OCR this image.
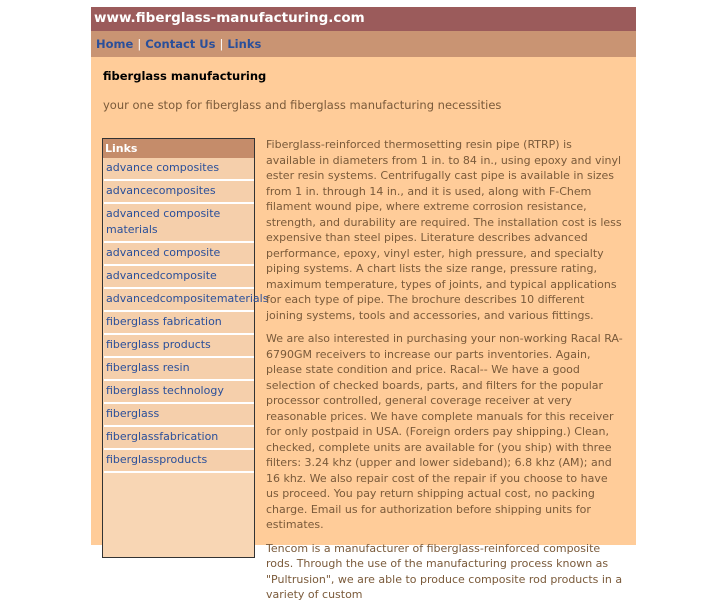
www.fiberglass-manufacturing.com
Home | Contact Us | Links
fiberglass manufacturing
your one stop for fiberglass and fiberglass manufacturing necessities
Links
advance composites
advancecomposites
advanced composite materials
advanced composite
advancedcomposite
advancedcompositematerials
fiberglass fabrication
fiberglass products
fiberglass resin
fiberglass technology
fiberglass
fiberglassfabrication
fiberglassproducts

Fiberglass-reinforced thermosetting resin pipe (RTRP) is available in diameters from 1 in. to 84 in., using epoxy and vinyl ester resin systems. Centrifugally cast pipe is available in sizes from 1 in. through 14 in., and it is used, along with F-Chem filament wound pipe, where extreme corrosion resistance, strength, and durability are required. The installation cost is less expensive than steel pipes. Literature describes advanced performance, epoxy, vinyl ester, high pressure, and specialty piping systems. A chart lists the size range, pressure rating, maximum temperature, types of joints, and typical applications for each type of pipe. The brochure describes 10 different joining systems, tools and accessories, and various fittings.

We are also interested in purchasing your non-working Racal RA-6790GM receivers to increase our parts inventories. Again, please state condition and price. Racal-- We have a good selection of checked boards, parts, and filters for the popular processor controlled, general coverage receiver at very reasonable prices. We have complete manuals for this receiver for only postpaid in USA. (Foreign orders pay shipping.) Clean, checked, complete units are available for (you ship) with three filters: 3.24 khz (upper and lower sideband); 6.8 khz (AM); and 16 khz. We also repair cost of the repair if you choose to have us proceed. You pay return shipping actual cost, no packing charge. Email us for authorization before shipping units for estimates.

Tencom is a manufacturer of fiberglass-reinforced composite rods. Through the use of the manufacturing process known as "Pultrusion", we are able to produce composite rod products in a variety of custom
